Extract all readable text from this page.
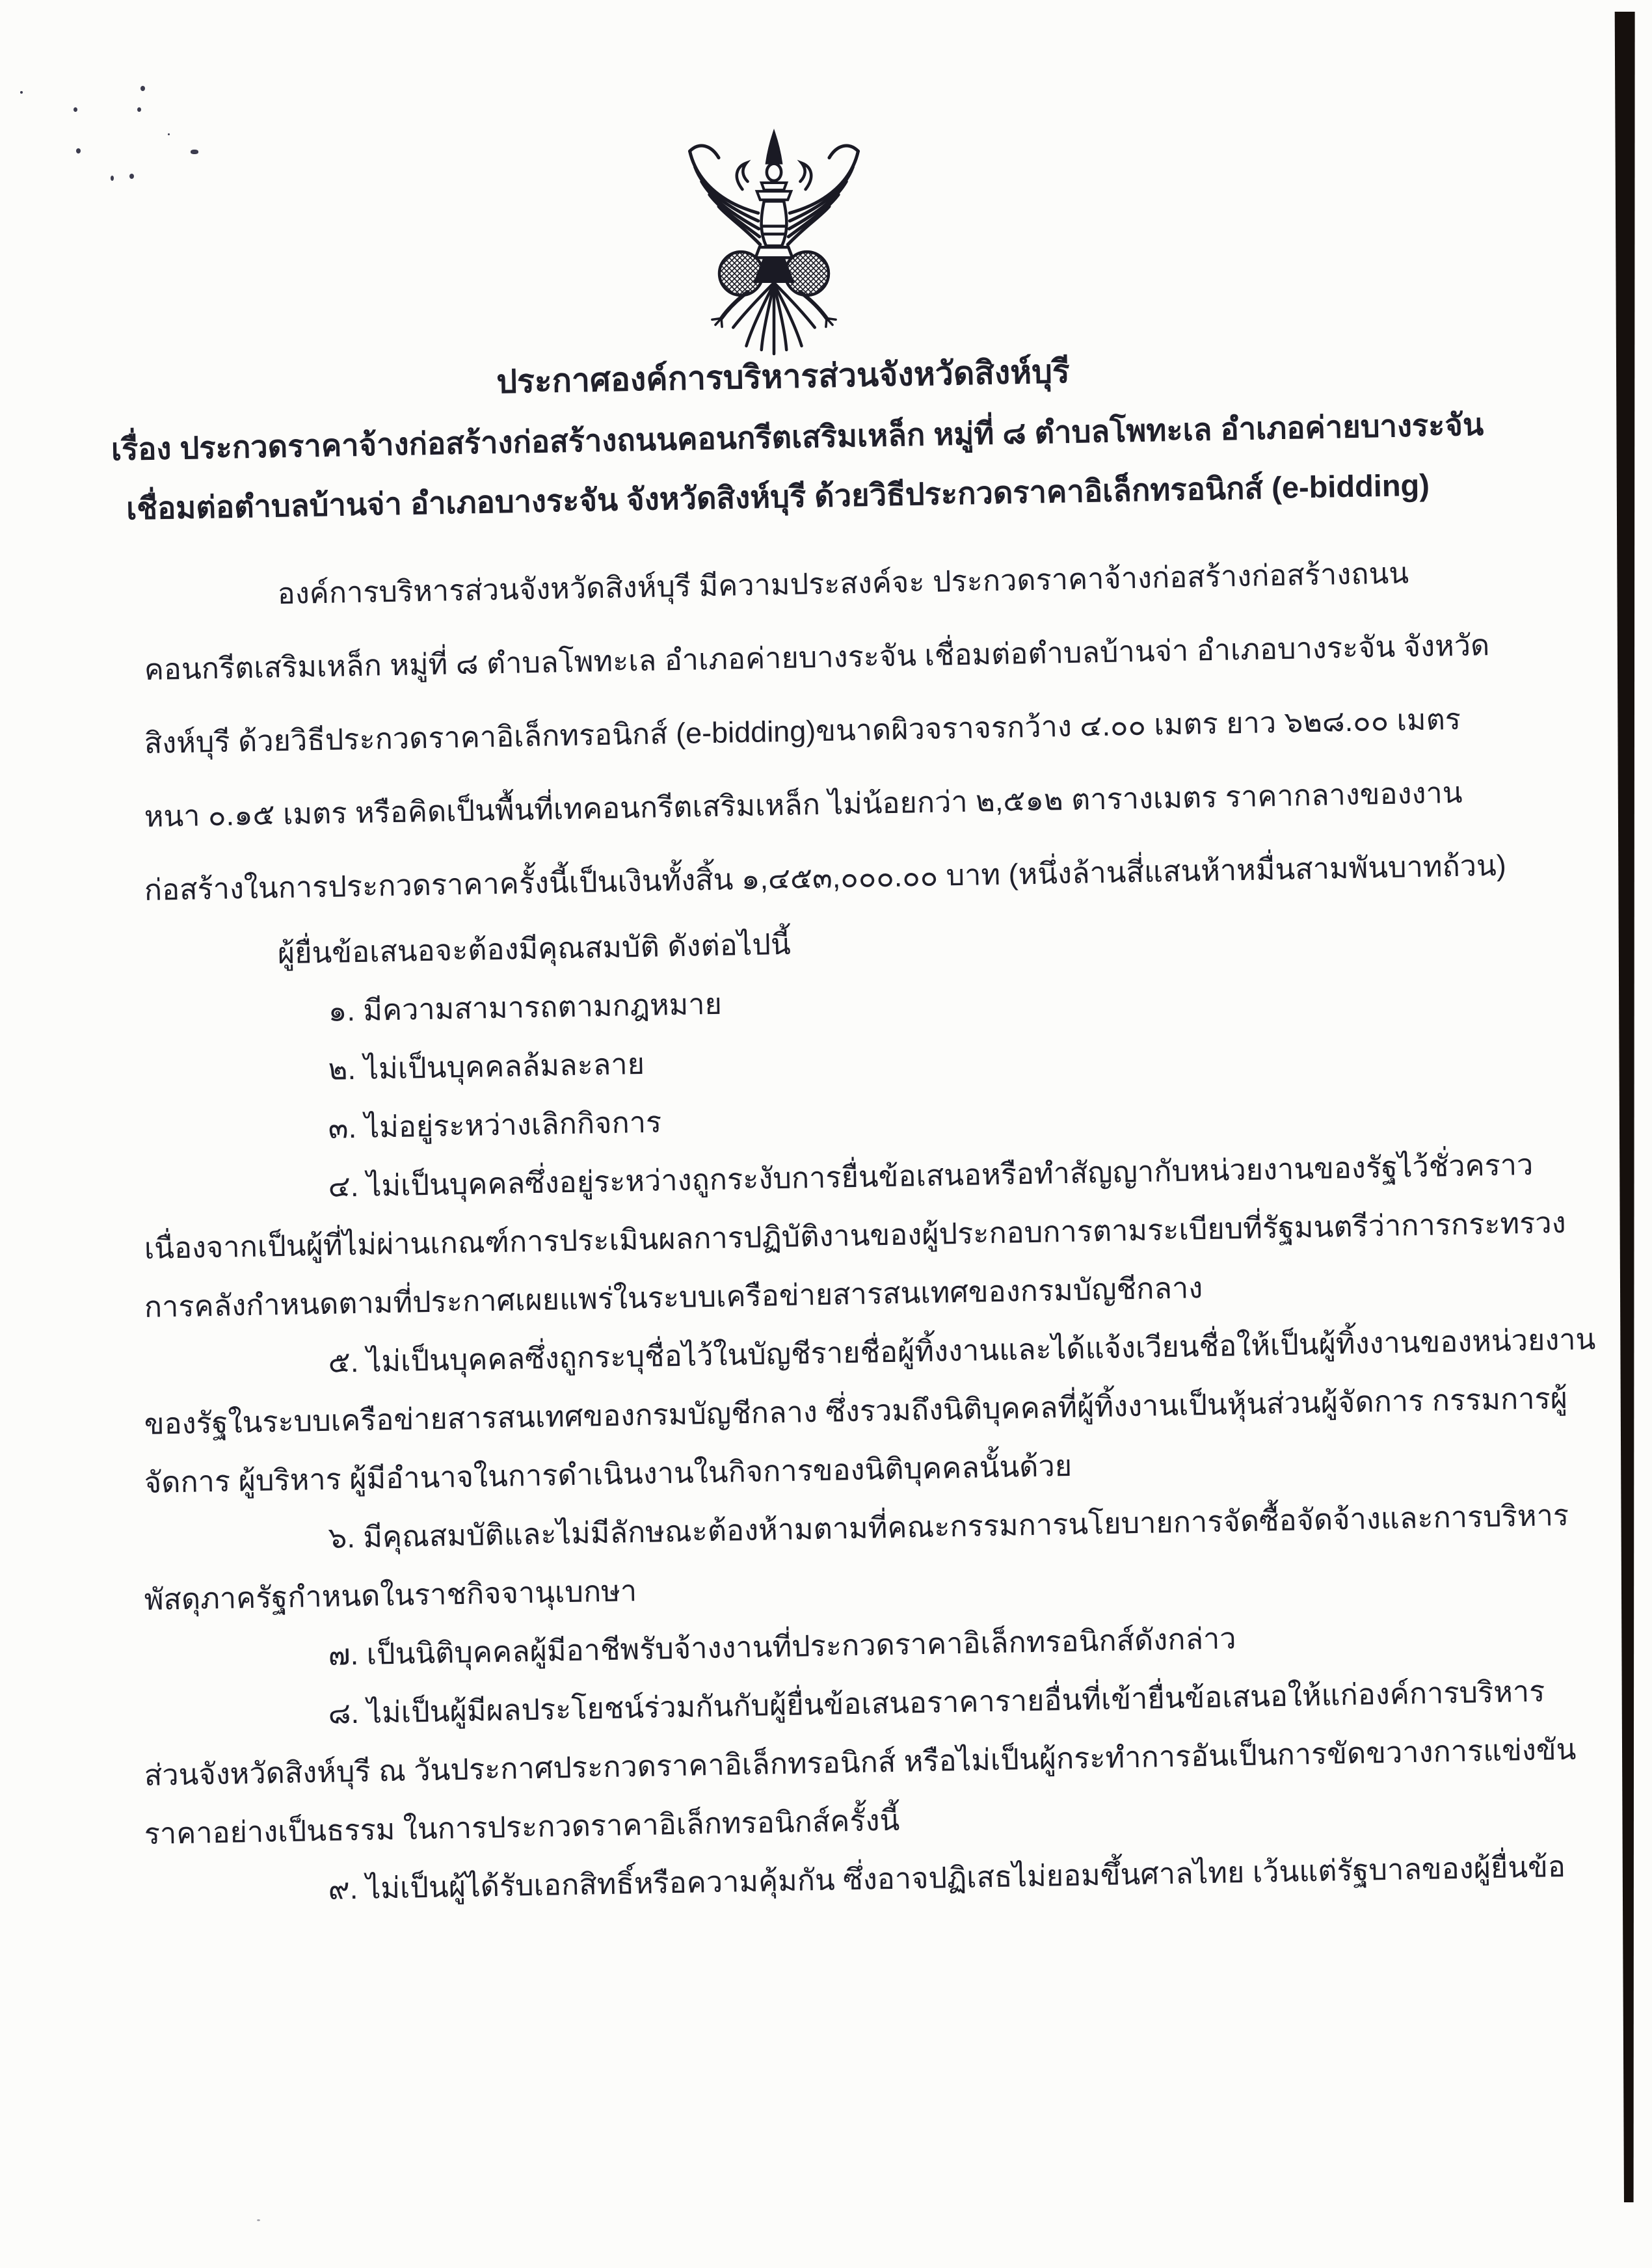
ประกาศองค์การบริหารส่วนจังหวัดสิงห์บุรี
เรื่อง ประกวดราคาจ้างก่อสร้างก่อสร้างถนนคอนกรีตเสริมเหล็ก หมู่ที่ ๘ ตำบลโพทะเล อำเภอค่ายบางระจัน
เชื่อมต่อตำบลบ้านจ่า อำเภอบางระจัน จังหวัดสิงห์บุรี ด้วยวิธีประกวดราคาอิเล็กทรอนิกส์ (e-bidding)
องค์การบริหารส่วนจังหวัดสิงห์บุรี มีความประสงค์จะ ประกวดราคาจ้างก่อสร้างก่อสร้างถนน
คอนกรีตเสริมเหล็ก หมู่ที่ ๘ ตำบลโพทะเล อำเภอค่ายบางระจัน เชื่อมต่อตำบลบ้านจ่า อำเภอบางระจัน จังหวัด
สิงห์บุรี ด้วยวิธีประกวดราคาอิเล็กทรอนิกส์ (e-bidding)ขนาดผิวจราจรกว้าง ๔.๐๐ เมตร ยาว ๖๒๘.๐๐ เมตร
หนา ๐.๑๕ เมตร หรือคิดเป็นพื้นที่เทคอนกรีตเสริมเหล็ก ไม่น้อยกว่า ๒,๕๑๒ ตารางเมตร ราคากลางของงาน
ก่อสร้างในการประกวดราคาครั้งนี้เป็นเงินทั้งสิ้น ๑,๔๕๓,๐๐๐.๐๐ บาท (หนึ่งล้านสี่แสนห้าหมื่นสามพันบาทถ้วน)
ผู้ยื่นข้อเสนอจะต้องมีคุณสมบัติ ดังต่อไปนี้
๑. มีความสามารถตามกฎหมาย
๒. ไม่เป็นบุคคลล้มละลาย
๓. ไม่อยู่ระหว่างเลิกกิจการ
๔. ไม่เป็นบุคคลซึ่งอยู่ระหว่างถูกระงับการยื่นข้อเสนอหรือทำสัญญากับหน่วยงานของรัฐไว้ชั่วคราว
เนื่องจากเป็นผู้ที่ไม่ผ่านเกณฑ์การประเมินผลการปฏิบัติงานของผู้ประกอบการตามระเบียบที่รัฐมนตรีว่าการกระทรวง
การคลังกำหนดตามที่ประกาศเผยแพร่ในระบบเครือข่ายสารสนเทศของกรมบัญชีกลาง
๕. ไม่เป็นบุคคลซึ่งถูกระบุชื่อไว้ในบัญชีรายชื่อผู้ทิ้งงานและได้แจ้งเวียนชื่อให้เป็นผู้ทิ้งงานของหน่วยงาน
ของรัฐในระบบเครือข่ายสารสนเทศของกรมบัญชีกลาง ซึ่งรวมถึงนิติบุคคลที่ผู้ทิ้งงานเป็นหุ้นส่วนผู้จัดการ กรรมการผู้
จัดการ ผู้บริหาร ผู้มีอำนาจในการดำเนินงานในกิจการของนิติบุคคลนั้นด้วย
๖. มีคุณสมบัติและไม่มีลักษณะต้องห้ามตามที่คณะกรรมการนโยบายการจัดซื้อจัดจ้างและการบริหาร
พัสดุภาครัฐกำหนดในราชกิจจานุเบกษา
๗. เป็นนิติบุคคลผู้มีอาชีพรับจ้างงานที่ประกวดราคาอิเล็กทรอนิกส์ดังกล่าว
๘. ไม่เป็นผู้มีผลประโยชน์ร่วมกันกับผู้ยื่นข้อเสนอราคารายอื่นที่เข้ายื่นข้อเสนอให้แก่องค์การบริหาร
ส่วนจังหวัดสิงห์บุรี ณ วันประกาศประกวดราคาอิเล็กทรอนิกส์ หรือไม่เป็นผู้กระทำการอันเป็นการขัดขวางการแข่งขัน
ราคาอย่างเป็นธรรม ในการประกวดราคาอิเล็กทรอนิกส์ครั้งนี้
๙. ไม่เป็นผู้ได้รับเอกสิทธิ์หรือความคุ้มกัน ซึ่งอาจปฏิเสธไม่ยอมขึ้นศาลไทย เว้นแต่รัฐบาลของผู้ยื่นข้อ
